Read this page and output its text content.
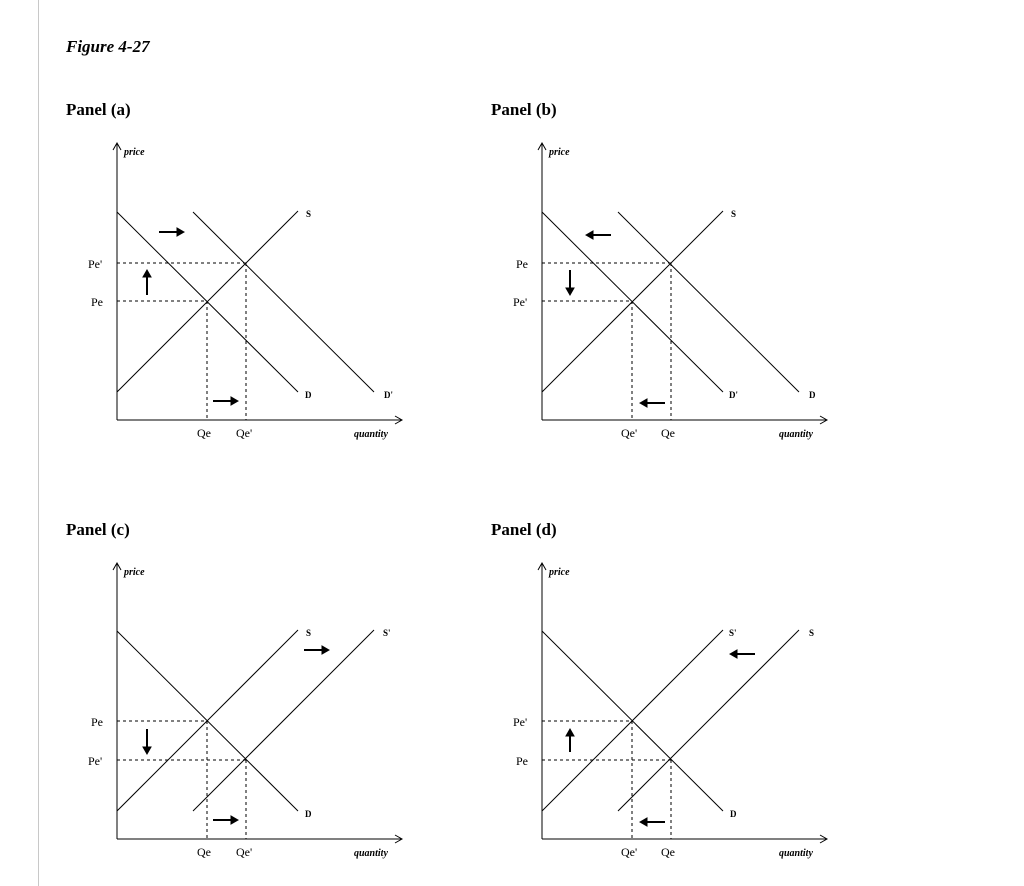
Figure 4-27
Panel (a)
price
quantity
S
D	D'
Pe'
Pe
Qe Qe'
Panel (b)
price
quantity
S
D'	D
Pe
Pe'
Qe' Qe
Panel (c)
price
quantity
S	S'
D
Pe
Pe'
Qe Qe'
Panel (d)
price
quantity
S'	S
D
Pe'
Pe
Qe' Qe
